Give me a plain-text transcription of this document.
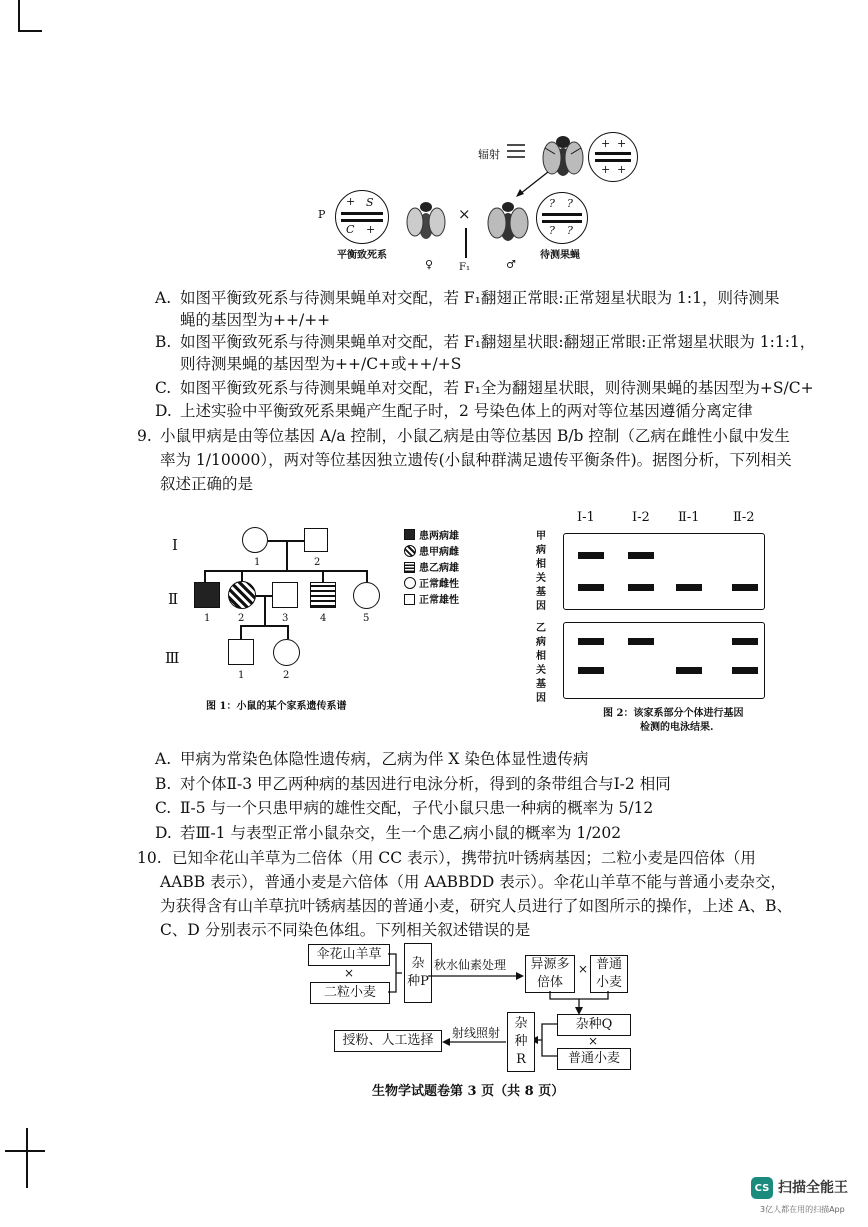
辐射
+ +
+ +
P
+ S
C +
平衡致死系
♀
×
F₁	♂
? ?
? ?
待测果蝇
A. 如图平衡致死系与待测果蝇单对交配，若 F₁翻翅正常眼:正常翅星状眼为 1:1，则待测果
蝇的基因型为++/++
B. 如图平衡致死系与待测果蝇单对交配，若 F₁翻翅星状眼:翻翅正常眼:正常翅星状眼为 1:1:1，
则待测果蝇的基因型为++/C+或++/+S
C. 如图平衡致死系与待测果蝇单对交配，若 F₁全为翻翅星状眼，则待测果蝇的基因型为+S/C+
D. 上述实验中平衡致死系果蝇产生配子时，2 号染色体上的两对等位基因遵循分离定律
9. 小鼠甲病是由等位基因 A/a 控制，小鼠乙病是由等位基因 B/b 控制（乙病在雌性小鼠中发生
率为 1/10000），两对等位基因独立遗传(小鼠种群满足遗传平衡条件)。据图分析，下列相关
叙述正确的是
Ⅰ
Ⅱ
Ⅲ
1	2
1	2	3	4	5
1	2
患两病雄
患甲病雌
患乙病雄
正常雌性
正常雄性
图 1：小鼠的某个家系遗传系谱
Ⅰ-1	Ⅰ-2 Ⅱ-1	Ⅱ-2
甲病相关基因
乙病相关基因
图 2：该家系部分个体进行基因
检测的电泳结果.
A. 甲病为常染色体隐性遗传病，乙病为伴 X 染色体显性遗传病
B. 对个体Ⅱ-3 甲乙两种病的基因进行电泳分析，得到的条带组合与Ⅰ-2 相同
C. Ⅱ-5 与一个只患甲病的雄性交配，子代小鼠只患一种病的概率为 5/12
D. 若Ⅲ-1 与表型正常小鼠杂交，生一个患乙病小鼠的概率为 1/202
10. 已知伞花山羊草为二倍体（用 CC 表示），携带抗叶锈病基因；二粒小麦是四倍体（用
AABB 表示），普通小麦是六倍体（用 AABBDD 表示）。伞花山羊草不能与普通小麦杂交，
为获得含有山羊草抗叶锈病基因的普通小麦，研究人员进行了如图所示的操作，上述 A、B、
C、D 分别表示不同染色体组。下列相关叙述错误的是
伞花山羊草
×
二粒小麦
杂种P
秋水仙素处理	异源多倍体
× 普通小麦
杂种Q
×
普通小麦
杂种R
射线照射
授粉、人工选择
生物学试题卷第 3 页（共 8 页）
CS 扫描全能王
3亿人都在用的扫描App
